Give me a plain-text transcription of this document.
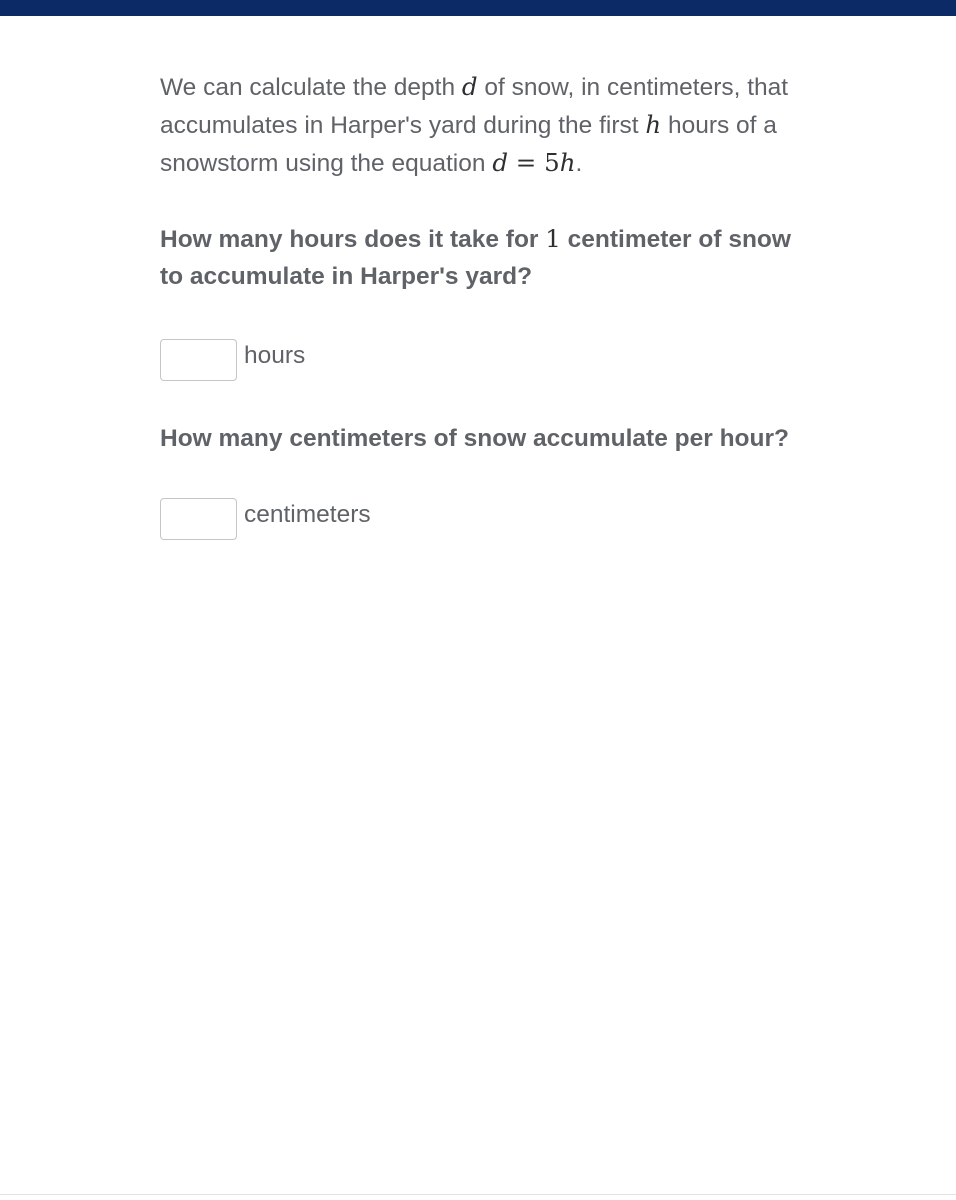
We can calculate the depth d of snow, in centimeters, that accumulates in Harper's yard during the first h hours of a snowstorm using the equation d = 5h.

How many hours does it take for 1 centimeter of snow to accumulate in Harper's yard?

hours

How many centimeters of snow accumulate per hour?

centimeters
